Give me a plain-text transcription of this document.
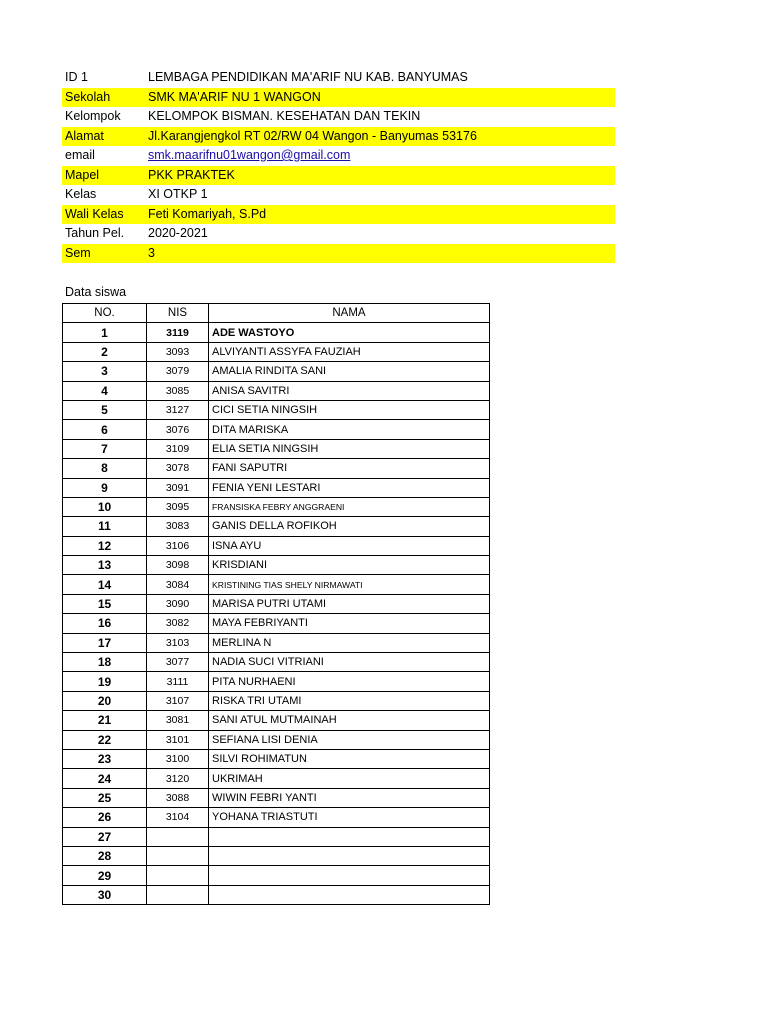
ID 1	LEMBAGA PENDIDIKAN MA'ARIF NU KAB. BANYUMAS
Sekolah	SMK MA'ARIF NU 1 WANGON
Kelompok	KELOMPOK BISMAN. KESEHATAN DAN TEKIN
Alamat	Jl.Karangjengkol RT 02/RW 04 Wangon - Banyumas 53176
email	smk.maarifnu01wangon@gmail.com
Mapel	PKK PRAKTEK
Kelas	XI OTKP 1
Wali Kelas	Feti Komariyah, S.Pd
Tahun Pel.	2020-2021
Sem	3
Data siswa
NO.	NIS	NAMA
1	3119	ADE WASTOYO
2	3093	ALVIYANTI ASSYFA FAUZIAH
3	3079	AMALIA RINDITA SANI
4	3085	ANISA SAVITRI
5	3127	CICI SETIA NINGSIH
6	3076	DITA MARISKA
7	3109	ELIA SETIA NINGSIH
8	3078	FANI SAPUTRI
9	3091	FENIA YENI LESTARI
10	3095	FRANSISKA FEBRY ANGGRAENI
11	3083	GANIS DELLA ROFIKOH
12	3106	ISNA AYU
13	3098	KRISDIANI
14	3084	KRISTINING TIAS SHELY NIRMAWATI
15	3090	MARISA PUTRI UTAMI
16	3082	MAYA FEBRIYANTI
17	3103	MERLINA N
18	3077	NADIA SUCI VITRIANI
19	3111	PITA NURHAENI
20	3107	RISKA TRI UTAMI
21	3081	SANI ATUL MUTMAINAH
22	3101	SEFIANA LISI DENIA
23	3100	SILVI ROHIMATUN
24	3120	UKRIMAH
25	3088	WIWIN FEBRI YANTI
26	3104	YOHANA TRIASTUTI
27		
28		
29		
30		
